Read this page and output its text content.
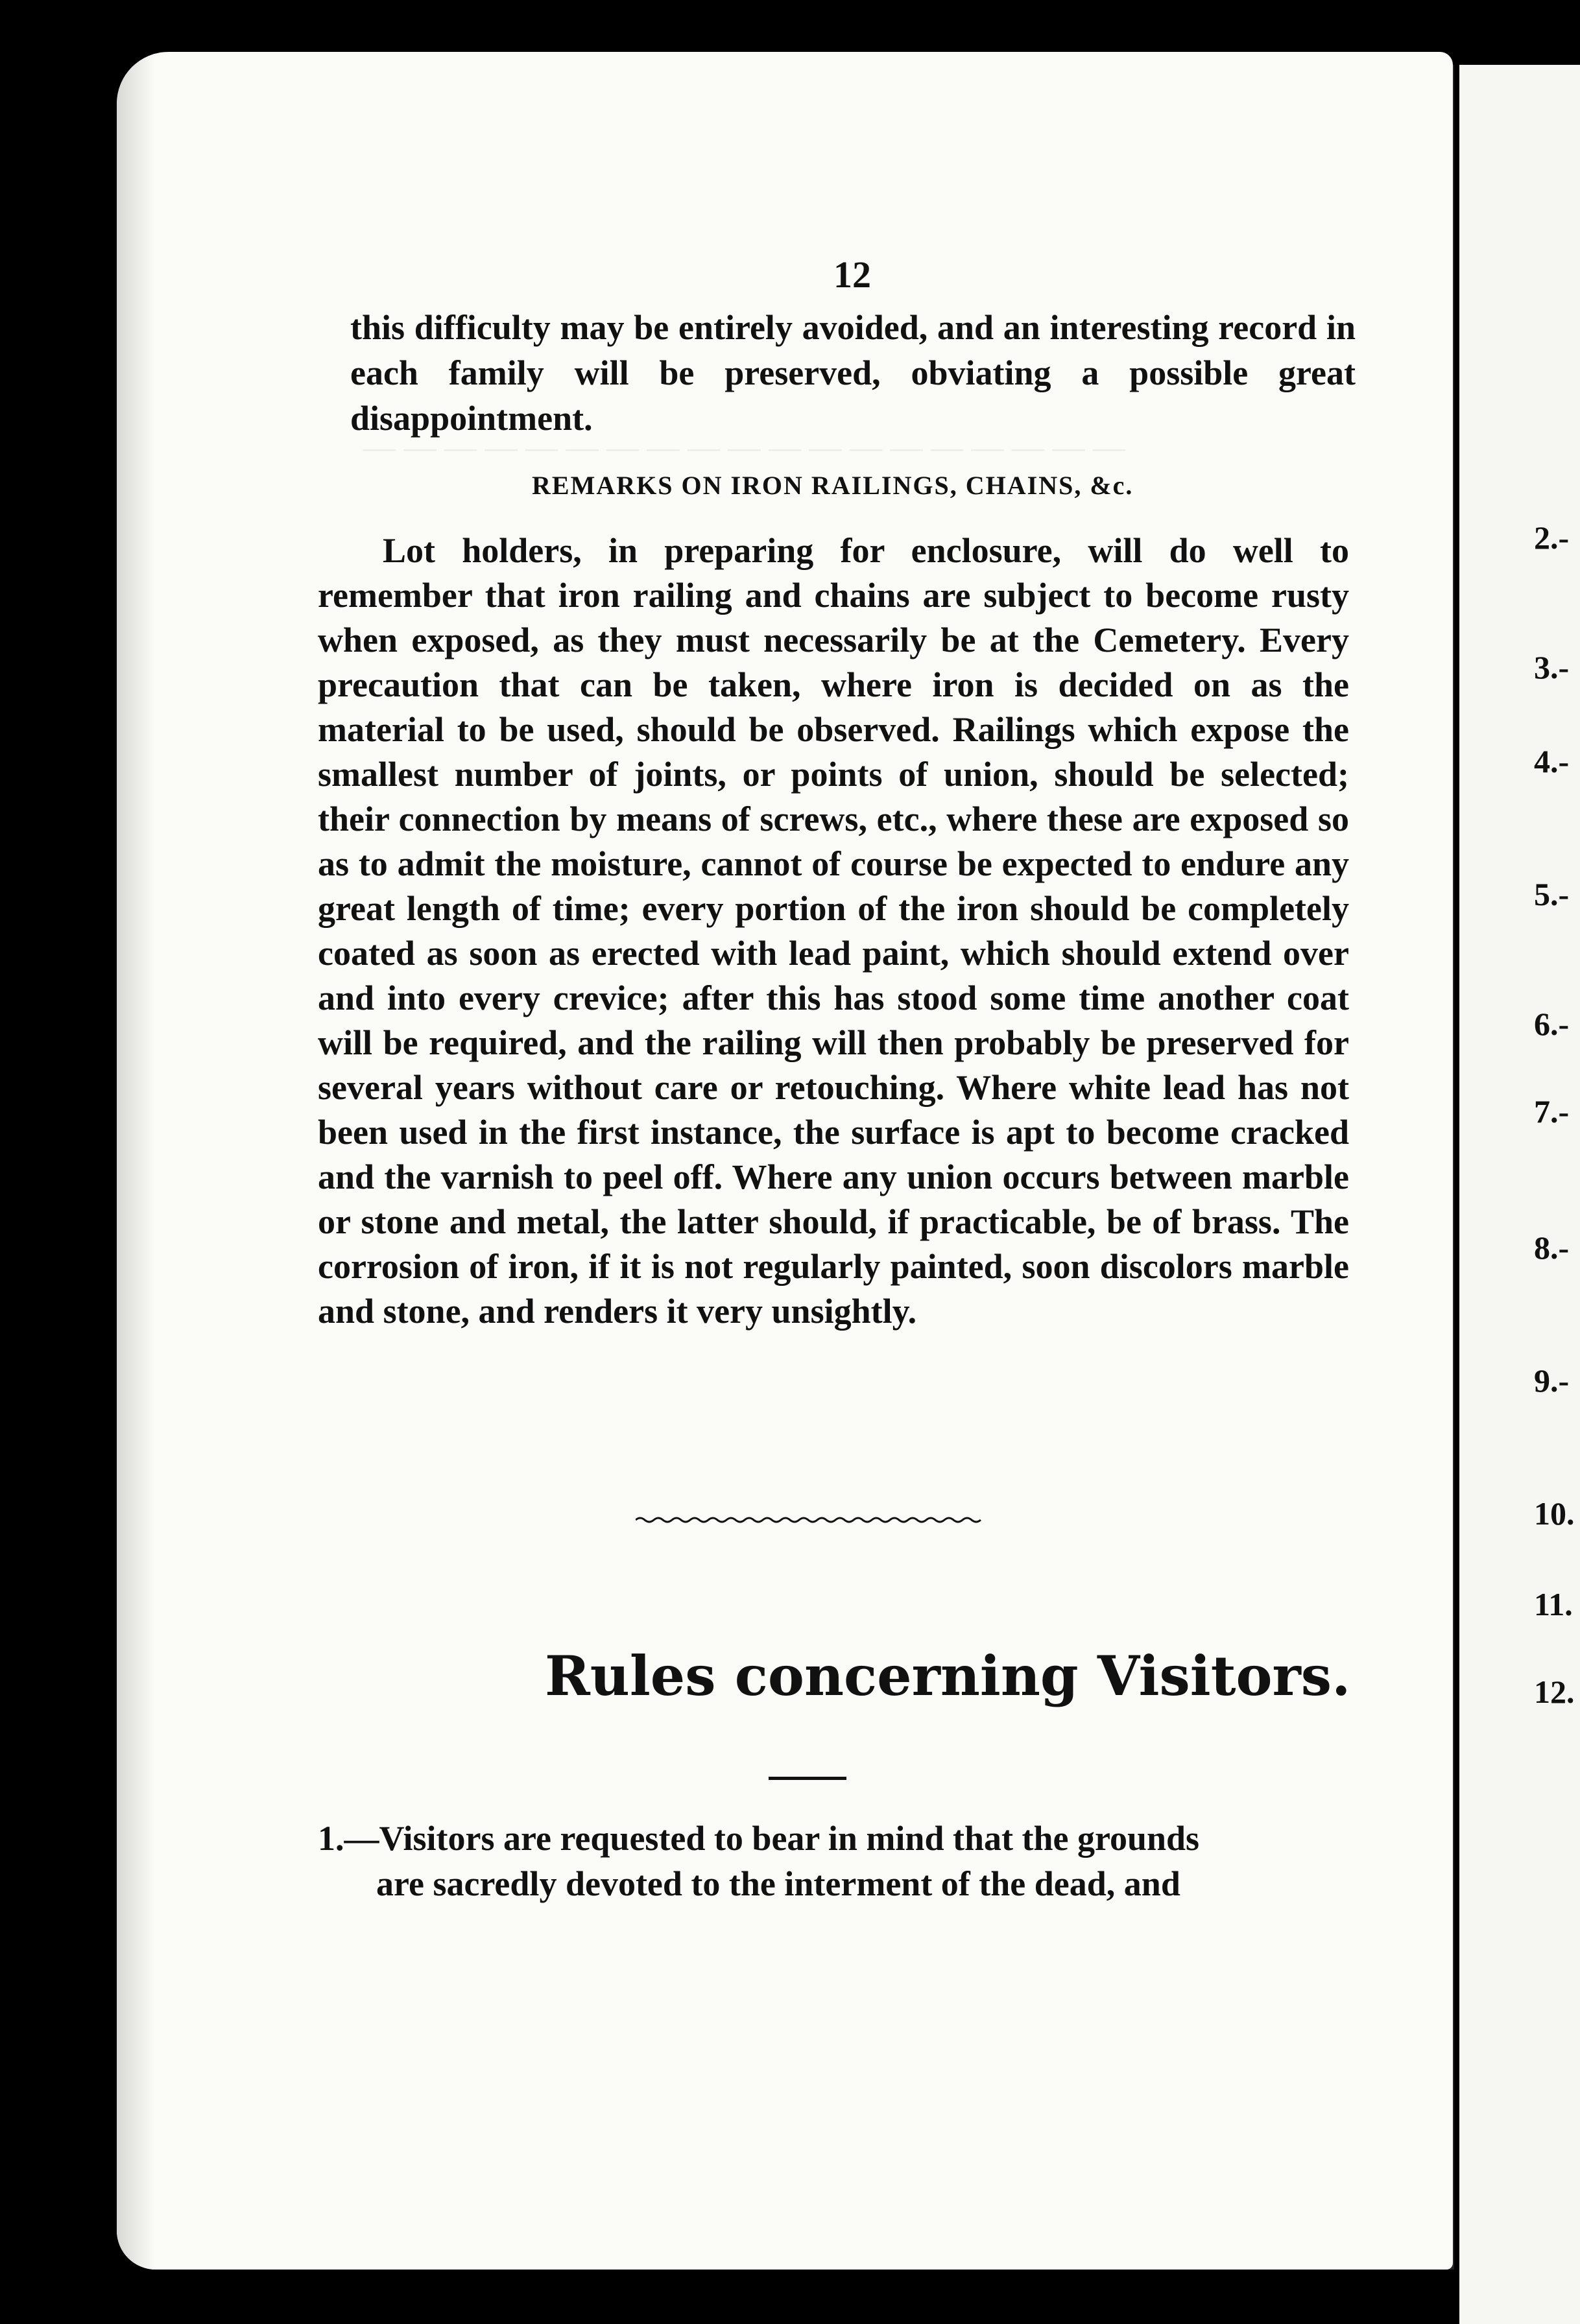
— — — — — — — — — — — — — — — — — — —
12
this difficulty may be entirely avoided, and an interesting record in each family will be preserved, obviating a possible great disappointment.
REMARKS ON IRON RAILINGS, CHAINS, &c.
Lot holders, in preparing for enclosure, will do well to remember that iron railing and chains are subject to become rusty when exposed, as they must necessarily be at the Cemetery. Every precaution that can be taken, where iron is decided on as the material to be used, should be observed. Railings which expose the smallest number of joints, or points of union, should be selected; their connection by means of screws, etc., where these are exposed so as to admit the moisture, cannot of course be expected to endure any great length of time; every portion of the iron should be completely coated as soon as erected with lead paint, which should extend over and into every crevice; after this has stood some time another coat will be required, and the railing will then probably be preserved for several years without care or retouching. Where white lead has not been used in the first instance, the surface is apt to become cracked and the varnish to peel off. Where any union occurs between marble or stone and metal, the latter should, if practicable, be of brass. The corrosion of iron, if it is not regularly painted, soon discolors marble and stone, and renders it very unsightly.
Rules concerning Visitors.
1.—Visitors are requested to bear in mind that the grounds
are sacredly devoted to the interment of the dead, and
2.-
3.-
4.-
5.-
6.-
7.-
8.-
9.-
10.
11.
12.
